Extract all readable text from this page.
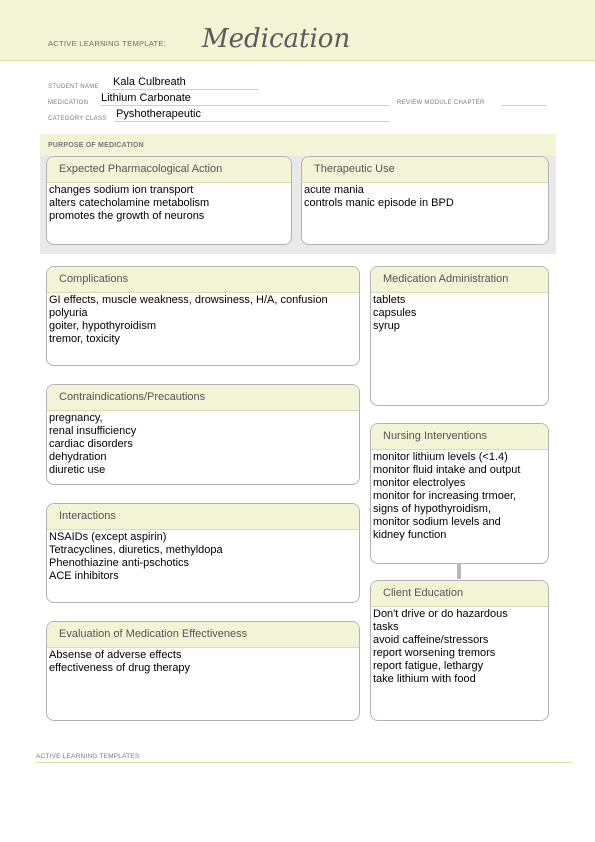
ACTIVE LEARNING TEMPLATE: Medication
STUDENT NAME Kala Culbreath
MEDICATION Lithium Carbonate	REVIEW MODULE CHAPTER
CATEGORY CLASS Pyshotherapeutic
PURPOSE OF MEDICATION
Expected Pharmacological Action
changes sodium ion transport
alters catecholamine metabolism
promotes the growth of neurons
Therapeutic Use
acute mania
controls manic episode in BPD
Complications
GI effects, muscle weakness, drowsiness, H/A, confusion
polyuria
goiter, hypothyroidism
tremor, toxicity
Medication Administration
tablets
capsules
syrup
Contraindications/Precautions
pregnancy,
renal insufficiency
cardiac disorders
dehydration
diuretic use
Nursing Interventions
monitor lithium levels (<1.4)
monitor fluid intake and output
monitor electrolyes
monitor for increasing trmoer,
signs of hypothyroidism,
monitor sodium levels and
kidney function
Interactions
NSAIDs (except aspirin)
Tetracyclines, diuretics, methyldopa
Phenothiazine anti-pschotics
ACE inhibitors
Client Education
Don't drive or do hazardous
tasks
avoid caffeine/stressors
report worsening tremors
report fatigue, lethargy
take lithium with food
Evaluation of Medication Effectiveness
Absense of adverse effects
effectiveness of drug therapy
ACTIVE LEARNING TEMPLATES
